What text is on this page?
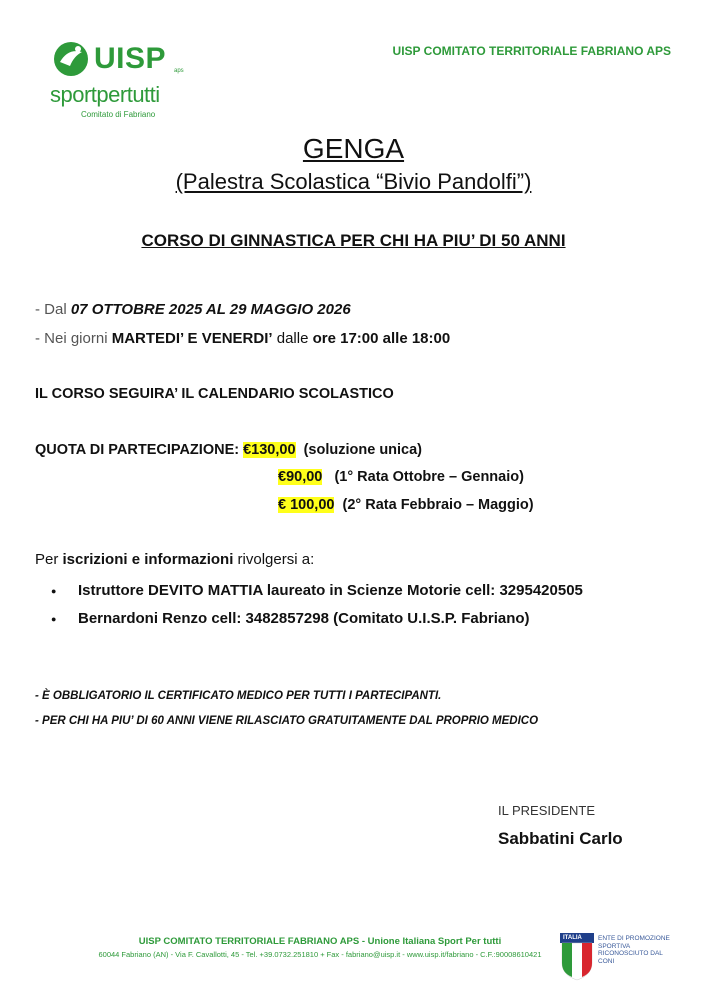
UISP aps
sportpertutti
Comitato di Fabriano
UISP COMITATO TERRITORIALE FABRIANO APS
GENGA
(Palestra Scolastica “Bivio Pandolfi”)
CORSO DI GINNASTICA PER CHI HA PIU’ DI 50 ANNI
- Dal 07 OTTOBRE 2025 AL 29 MAGGIO 2026
- Nei giorni MARTEDI’ E VENERDI’ dalle ore 17:00 alle 18:00
IL CORSO SEGUIRA’ IL CALENDARIO SCOLASTICO
QUOTA DI PARTECIPAZIONE: €130,00 (soluzione unica)
€90,00 (1° Rata Ottobre – Gennaio)
€ 100,00 (2° Rata Febbraio – Maggio)
Per iscrizioni e informazioni rivolgersi a:
● Istruttore DEVITO MATTIA laureato in Scienze Motorie cell: 3295420505
● Bernardoni Renzo cell: 3482857298 (Comitato U.I.S.P. Fabriano)
- È OBBLIGATORIO IL CERTIFICATO MEDICO PER TUTTI I PARTECIPANTI.
- PER CHI HA PIU’ DI 60 ANNI VIENE RILASCIATO GRATUITAMENTE DAL PROPRIO MEDICO
IL PRESIDENTE
Sabbatini Carlo
UISP COMITATO TERRITORIALE FABRIANO APS - Unione Italiana Sport Per tutti
60044 Fabriano (AN) - Via F. Cavallotti, 45 - Tel. +39.0732.251810 + Fax - fabriano@uisp.it - www.uisp.it/fabriano - C.F.:90008610421
ITALIA ENTE DI PROMOZIONE SPORTIVA RICONOSCIUTO DAL CONI
